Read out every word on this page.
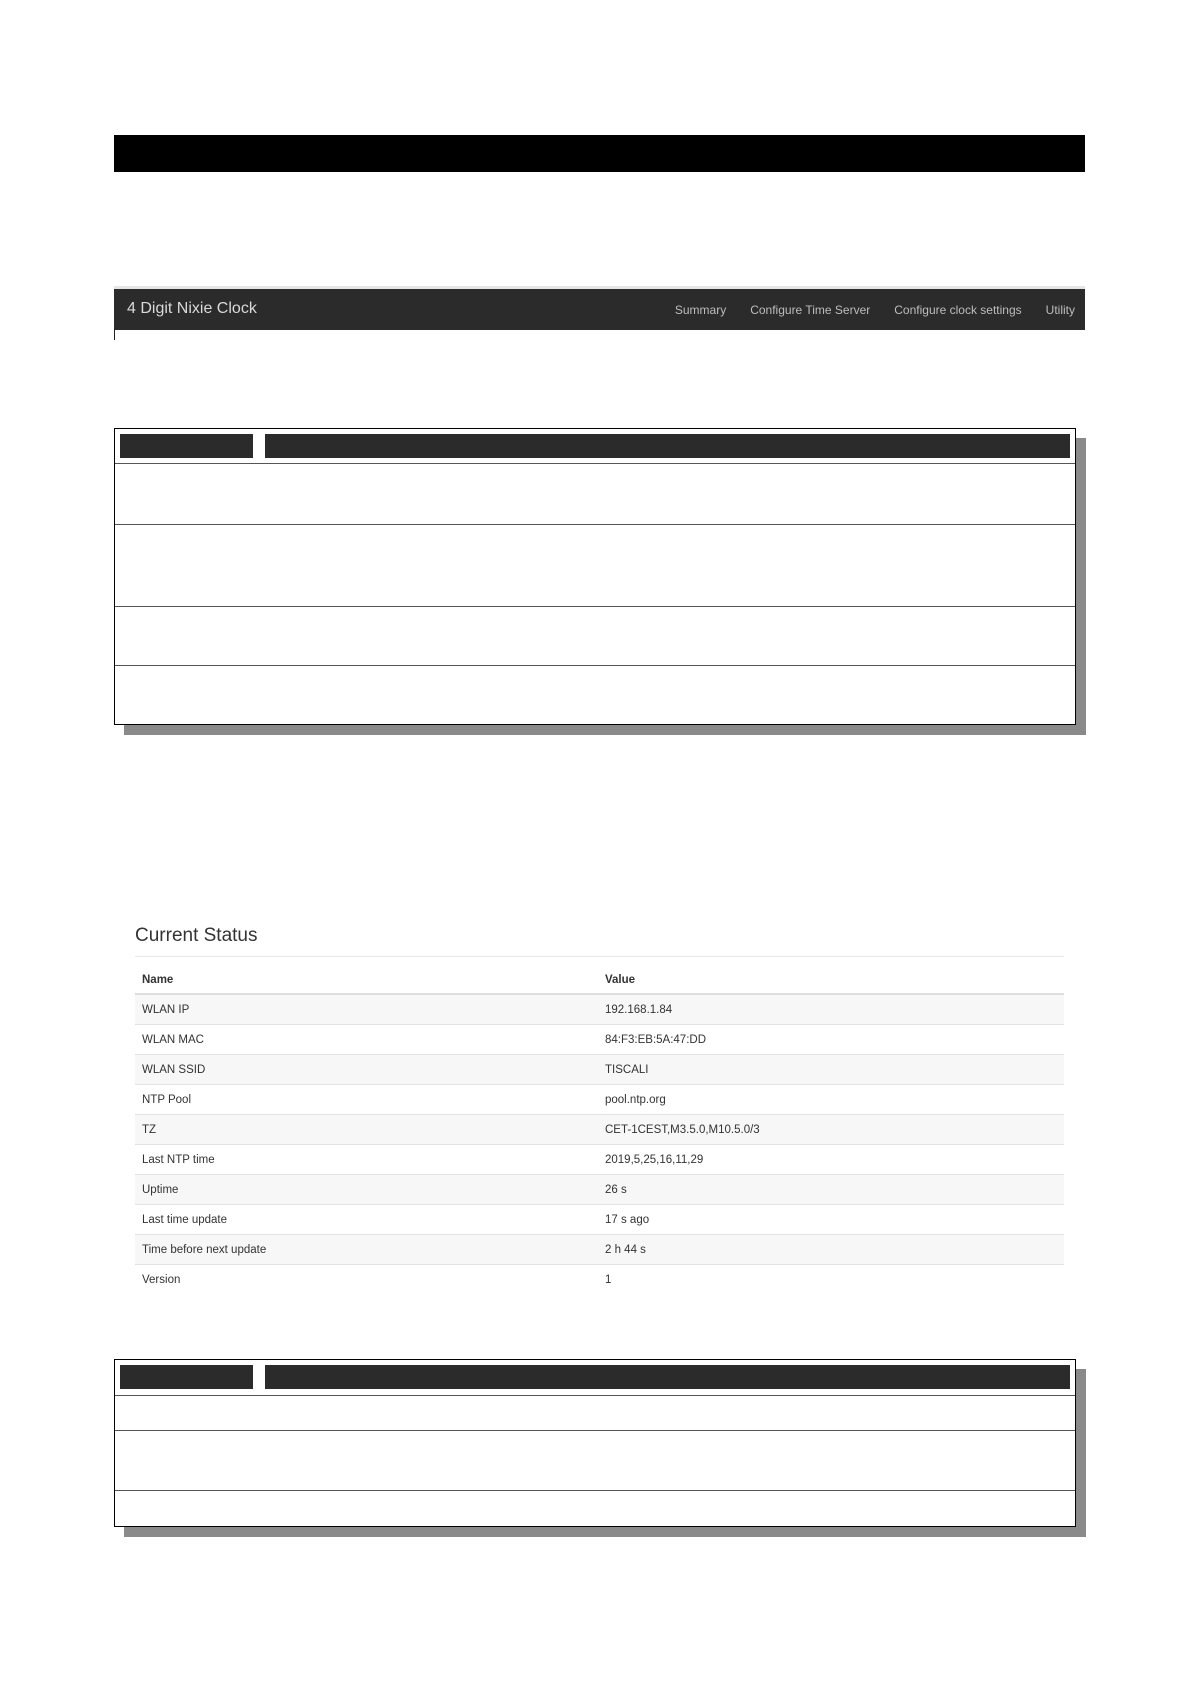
4 Digit Nixie Clock	Summary Configure Time Server Configure clock settings Utility
Current Status
Name	Value
WLAN IP	192.168.1.84
WLAN MAC	84:F3:EB:5A:47:DD
WLAN SSID	TISCALI
NTP Pool	pool.ntp.org
TZ	CET-1CEST,M3.5.0,M10.5.0/3
Last NTP time	2019,5,25,16,11,29
Uptime	26 s
Last time update	17 s ago
Time before next update	2 h 44 s
Version	1
